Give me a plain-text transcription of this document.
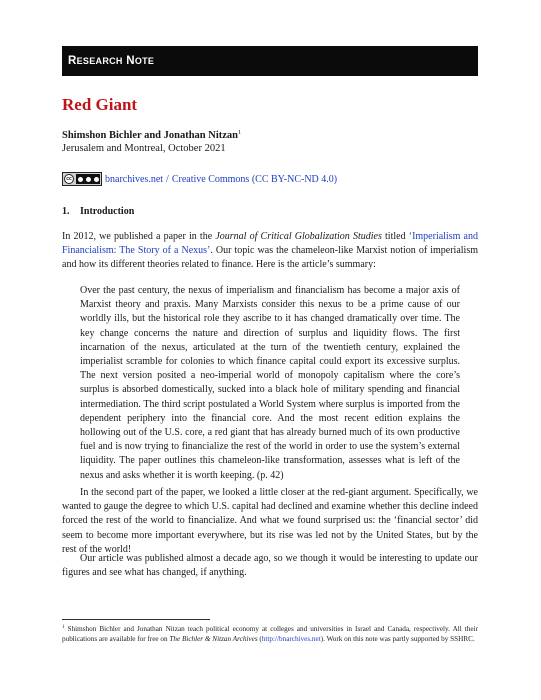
R ESEARCH
N OTE
Red Giant
Shimshon Bichler and Jonathan Nitzan$^1$
Jerusalem and Montreal, October 2021
cc	bnarchives.net / Creative Commons (CC BY-NC-ND 4.0)
1. Introduction

In 2012, we published a paper in the Journal of Critical Globalization Studies titled ‘Imperialism and Financialism: The Story of a Nexus’. Our topic was the chameleon-like Marxist notion of imperialism and how its different theories related to finance. Here is the article’s summary:

Over the past century, the nexus of imperialism and financialism has become a major axis of Marxist theory and praxis. Many Marxists consider this nexus to be a prime cause of our worldly ills, but the historical role they ascribe to it has changed dramatically over time. The key change concerns the nature and direction of surplus and liquidity flows. The first incarnation of the nexus, articulated at the turn of the twentieth century, explained the imperialist scramble for colonies to which finance capital could export its excessive surplus. The next version posited a neo-imperial world of monopoly capitalism where the core’s surplus is absorbed domestically, sucked into a black hole of military spending and financial intermediation. The third script postulated a World System where surplus is imported from the dependent periphery into the financial core. And the most recent edition explains the hollowing out of the U.S. core, a red giant that has already burned much of its own productive fuel and is now trying to financialize the rest of the world in order to use the system’s external liquidity. The paper outlines this chameleon-like transformation, assesses what is left of the nexus and asks whether it is worth keeping. (p. 42)

In the second part of the paper, we looked a little closer at the red-giant argument. Specifically, we wanted to gauge the degree to which U.S. capital had declined and examine whether this decline indeed forced the rest of the world to financialize. And what we found surprised us: the ‘financial sector’ did seem to become more important everywhere, but its rise was led not by the United States, but by the rest of the world!

Our article was published almost a decade ago, so we though it would be interesting to update our figures and see what has changed, if anything.

$^1$ Shimshon Bichler and Jonathan Nitzan teach political economy at colleges and universities in Israel and Canada, respectively. All their publications are available for free on The Bichler & Nitzan Archives (http://bnarchives.net). Work on this note was partly supported by SSHRC.
